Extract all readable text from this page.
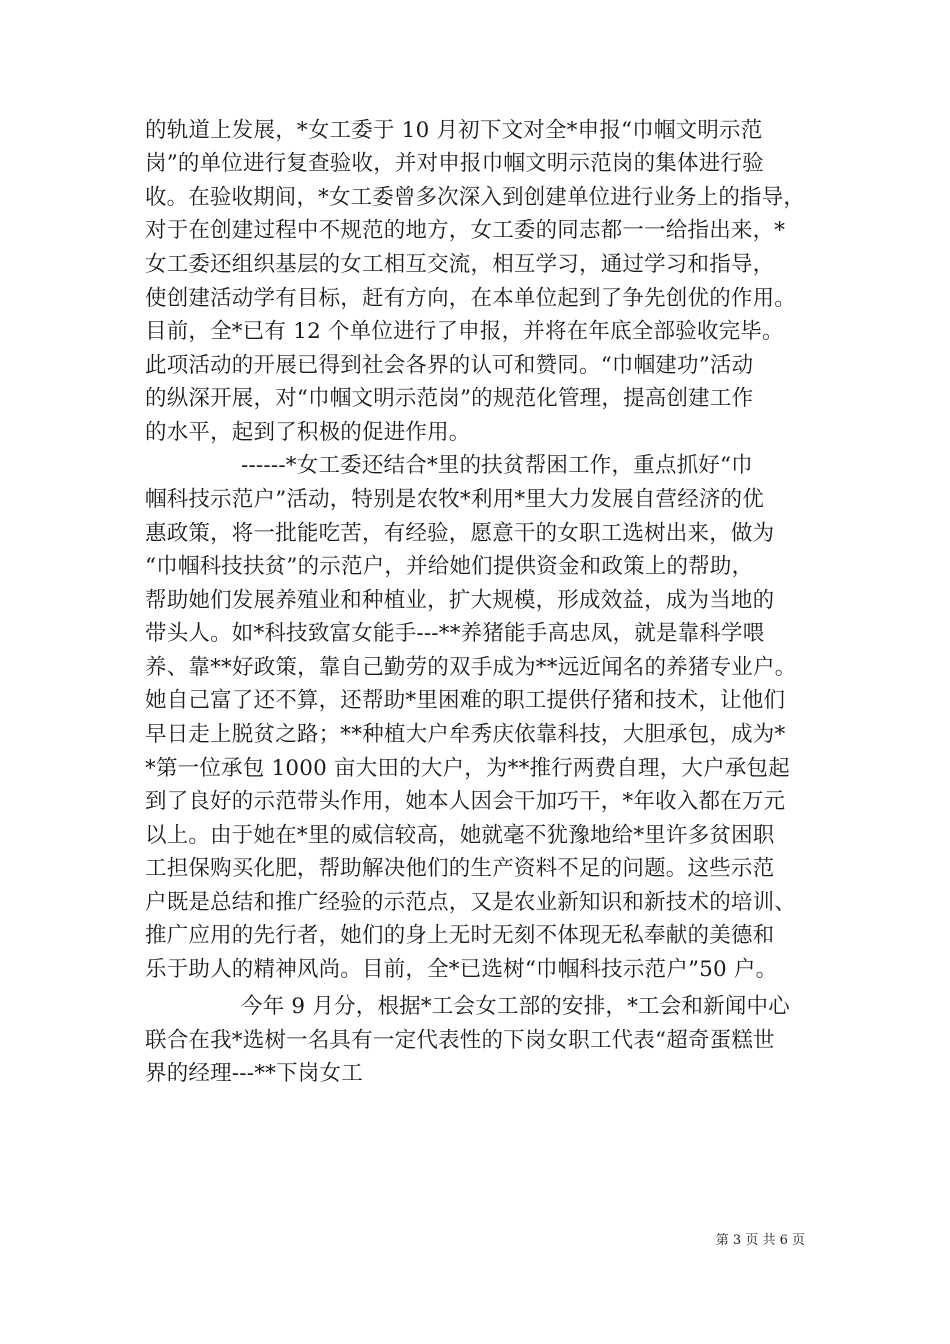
的轨道上发展，*女工委于 10 月初下文对全*申报“巾帼文明示范
岗”的单位进行复查验收，并对申报巾帼文明示范岗的集体进行验
收。在验收期间，*女工委曾多次深入到创建单位进行业务上的指导，
对于在创建过程中不规范的地方，女工委的同志都一一给指出来，*
女工委还组织基层的女工相互交流，相互学习，通过学习和指导，
使创建活动学有目标，赶有方向，在本单位起到了争先创优的作用。
目前，全*已有 12 个单位进行了申报，并将在年底全部验收完毕。
此项活动的开展已得到社会各界的认可和赞同。“巾帼建功”活动
的纵深开展，对“巾帼文明示范岗”的规范化管理，提高创建工作
的水平，起到了积极的促进作用。
------*女工委还结合*里的扶贫帮困工作，重点抓好“巾
帼科技示范户”活动，特别是农牧*利用*里大力发展自营经济的优
惠政策，将一批能吃苦，有经验，愿意干的女职工选树出来，做为
“巾帼科技扶贫”的示范户，并给她们提供资金和政策上的帮助，
帮助她们发展养殖业和种植业，扩大规模，形成效益，成为当地的
带头人。如*科技致富女能手---**养猪能手高忠凤，就是靠科学喂
养、靠**好政策，靠自己勤劳的双手成为**远近闻名的养猪专业户。
她自己富了还不算，还帮助*里困难的职工提供仔猪和技术，让他们
早日走上脱贫之路；**种植大户牟秀庆依靠科技，大胆承包，成为*
*第一位承包 1000 亩大田的大户，为**推行两费自理，大户承包起
到了良好的示范带头作用，她本人因会干加巧干，*年收入都在万元
以上。由于她在*里的威信较高，她就毫不犹豫地给*里许多贫困职
工担保购买化肥，帮助解决他们的生产资料不足的问题。这些示范
户既是总结和推广经验的示范点，又是农业新知识和新技术的培训、
推广应用的先行者，她们的身上无时无刻不体现无私奉献的美德和
乐于助人的精神风尚。目前，全*已选树“巾帼科技示范户”50 户。
今年 9 月分，根据*工会女工部的安排，*工会和新闻中心
联合在我*选树一名具有一定代表性的下岗女职工代表“超奇蛋糕世
界的经理---**下岗女工
第 3 页 共 6 页
